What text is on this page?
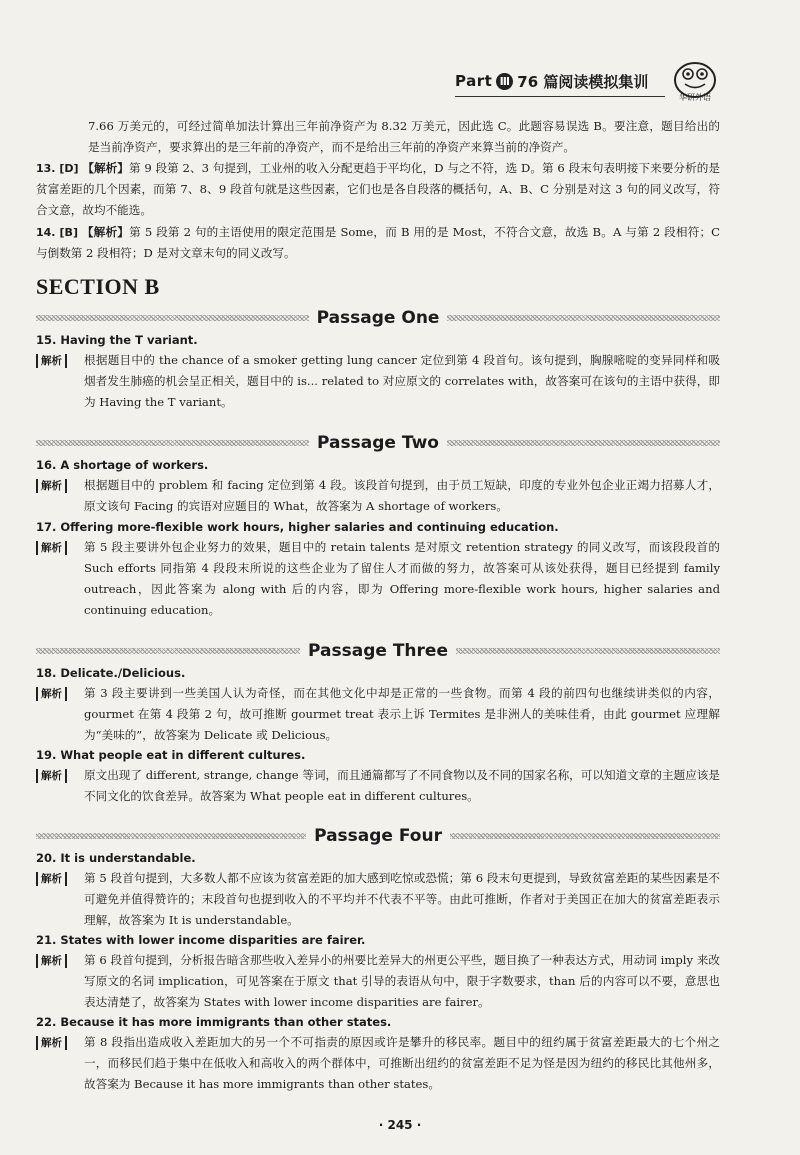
Part Ⅲ 76 篇阅读模拟集训
华研外语
7.66 万美元的，可经过简单加法计算出三年前净资产为 8.32 万美元，因此选 C。此题容易误选 B。要注意，题目给出的是当前净资产，要求算出的是三年前的净资产，而不是给出三年前的净资产来算当前的净资产。
13. [D] 【解析】第 9 段第 2、3 句提到，工业州的收入分配更趋于平均化，D 与之不符，选 D。第 6 段末句表明接下来要分析的是贫富差距的几个因素，而第 7、8、9 段首句就是这些因素，它们也是各自段落的概括句，A、B、C 分别是对这 3 句的同义改写，符合文意，故均不能选。
14. [B] 【解析】第 5 段第 2 句的主语使用的限定范围是 Some，而 B 用的是 Most，不符合文意，故选 B。A 与第 2 段相符；C 与倒数第 2 段相符；D 是对文章末句的同义改写。
SECTION B
Passage One
15. Having the T variant.
解析	根据题目中的 the chance of a smoker getting lung cancer 定位到第 4 段首句。该句提到，胸腺嘧啶的变异同样和吸烟者发生肺癌的机会呈正相关，题目中的 is... related to 对应原文的 correlates with，故答案可在该句的主语中获得，即为 Having the T variant。
Passage Two
16. A shortage of workers.
解析	根据题目中的 problem 和 facing 定位到第 4 段。该段首句提到，由于员工短缺，印度的专业外包企业正竭力招募人才，原文该句 Facing 的宾语对应题目的 What，故答案为 A shortage of workers。
17. Offering more-flexible work hours, higher salaries and continuing education.
解析	第 5 段主要讲外包企业努力的效果，题目中的 retain talents 是对原文 retention strategy 的同义改写，而该段段首的 Such efforts 同指第 4 段段末所说的这些企业为了留住人才而做的努力，故答案可从该处获得，题目已经提到 family outreach，因此答案为 along with 后的内容，即为 Offering more-flexible work hours, higher salaries and continuing education。
Passage Three
18. Delicate./Delicious.
解析	第 3 段主要讲到一些美国人认为奇怪，而在其他文化中却是正常的一些食物。而第 4 段的前四句也继续讲类似的内容，gourmet 在第 4 段第 2 句，故可推断 gourmet treat 表示上诉 Termites 是非洲人的美味佳肴，由此 gourmet 应理解为“美味的”，故答案为 Delicate 或 Delicious。
19. What people eat in different cultures.
解析	原文出现了 different, strange, change 等词，而且通篇都写了不同食物以及不同的国家名称，可以知道文章的主题应该是不同文化的饮食差异。故答案为 What people eat in different cultures。
Passage Four
20. It is understandable.
解析	第 5 段首句提到，大多数人都不应该为贫富差距的加大感到吃惊或恐慌；第 6 段末句更提到，导致贫富差距的某些因素是不可避免并值得赞许的；末段首句也提到收入的不平均并不代表不平等。由此可推断，作者对于美国正在加大的贫富差距表示理解，故答案为 It is understandable。
21. States with lower income disparities are fairer.
解析	第 6 段首句提到，分析报告暗含那些收入差异小的州要比差异大的州更公平些，题目换了一种表达方式，用动词 imply 来改写原文的名词 implication，可见答案在于原文 that 引导的表语从句中，限于字数要求，than 后的内容可以不要，意思也表达清楚了，故答案为 States with lower income disparities are fairer。
22. Because it has more immigrants than other states.
解析	第 8 段指出造成收入差距加大的另一个不可指责的原因或许是攀升的移民率。题目中的纽约属于贫富差距最大的七个州之一，而移民们趋于集中在低收入和高收入的两个群体中，可推断出纽约的贫富差距不足为怪是因为纽约的移民比其他州多，故答案为 Because it has more immigrants than other states。
· 245 ·
